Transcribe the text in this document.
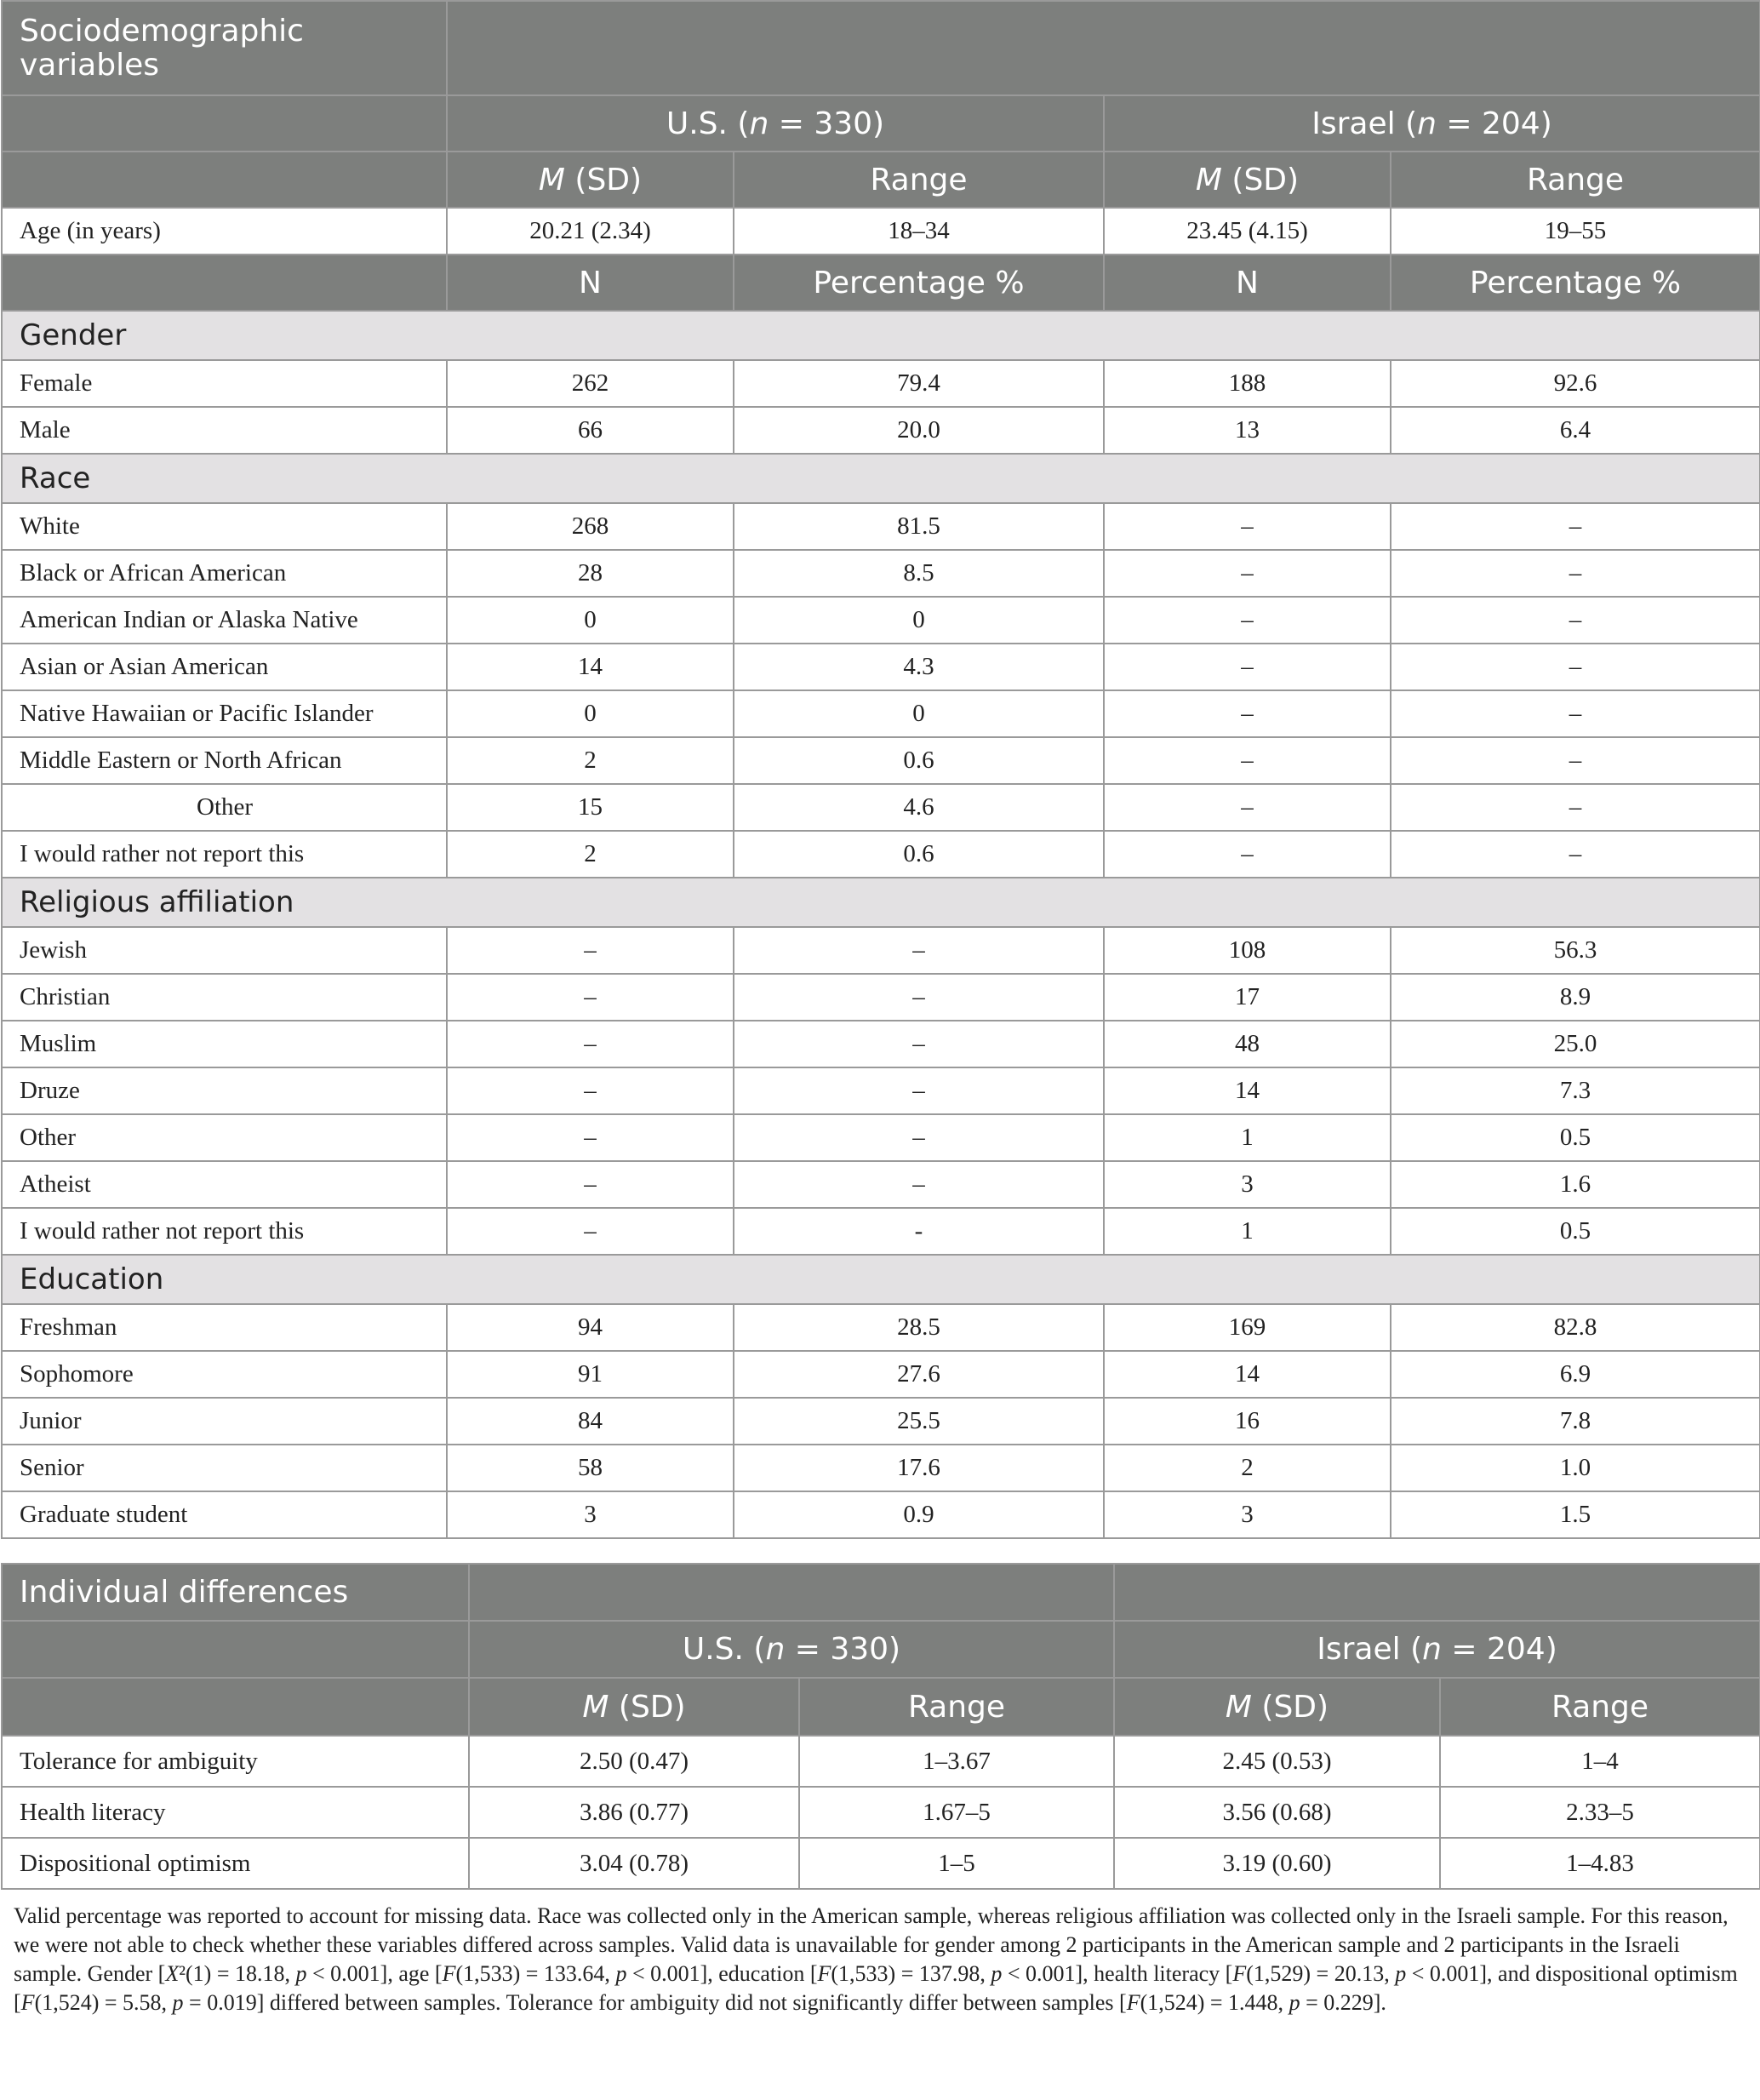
Sociodemographic variables				

	U.S. (n = 330)		Israel (n = 204)	
	M (SD)	Range	M (SD)	Range
Age (in years)	20.21 (2.34)	18–34	23.45 (4.15)	19–55
	N	Percentage %	N	Percentage %
Gender				
Female	262	79.4	188	92.6
Male	66	20.0	13	6.4
Race				
White	268	81.5	–	–
Black or African American	28	8.5	–	–
American Indian or Alaska Native	0	0	–	–
Asian or Asian American	14	4.3	–	–
Native Hawaiian or Pacific Islander	0	0	–	–
Middle Eastern or North African	2	0.6	–	–
Other	15	4.6	–	–
I would rather not report this	2	0.6	–	–
Religious affiliation				
Jewish	–	–	108	56.3
Christian	–	–	17	8.9
Muslim	–	–	48	25.0
Druze	–	–	14	7.3
Other	–	–	1	0.5
Atheist	–	–	3	1.6
I would rather not report this	–	-	1	0.5
Education				
Freshman	94	28.5	169	82.8
Sophomore	91	27.6	14	6.9
Junior	84	25.5	16	7.8
Senior	58	17.6	2	1.0
Graduate student	3	0.9	3	1.5
Individual differences				
	U.S. (n = 330)		Israel (n = 204)	
	M (SD)	Range	M (SD)	Range
Tolerance for ambiguity	2.50 (0.47)	1–3.67	2.45 (0.53)	1–4
Health literacy	3.86 (0.77)	1.67–5	3.56 (0.68)	2.33–5
Dispositional optimism	3.04 (0.78)	1–5	3.19 (0.60)	1–4.83
Valid percentage was reported to account for missing data. Race was collected only in the American sample, whereas religious affiliation was collected only in the Israeli sample. For this reason, we were not able to check whether these variables differed across samples. Valid data is unavailable for gender among 2 participants in the American sample and 2 participants in the Israeli sample. Gender [X²(1) = 18.18, p < 0.001], age [F(1,533) = 133.64, p < 0.001], education [F(1,533) = 137.98, p < 0.001], health literacy [F(1,529) = 20.13, p < 0.001], and dispositional optimism [F(1,524) = 5.58, p = 0.019] differed between samples. Tolerance for ambiguity did not significantly differ between samples [F(1,524) = 1.448, p = 0.229].
